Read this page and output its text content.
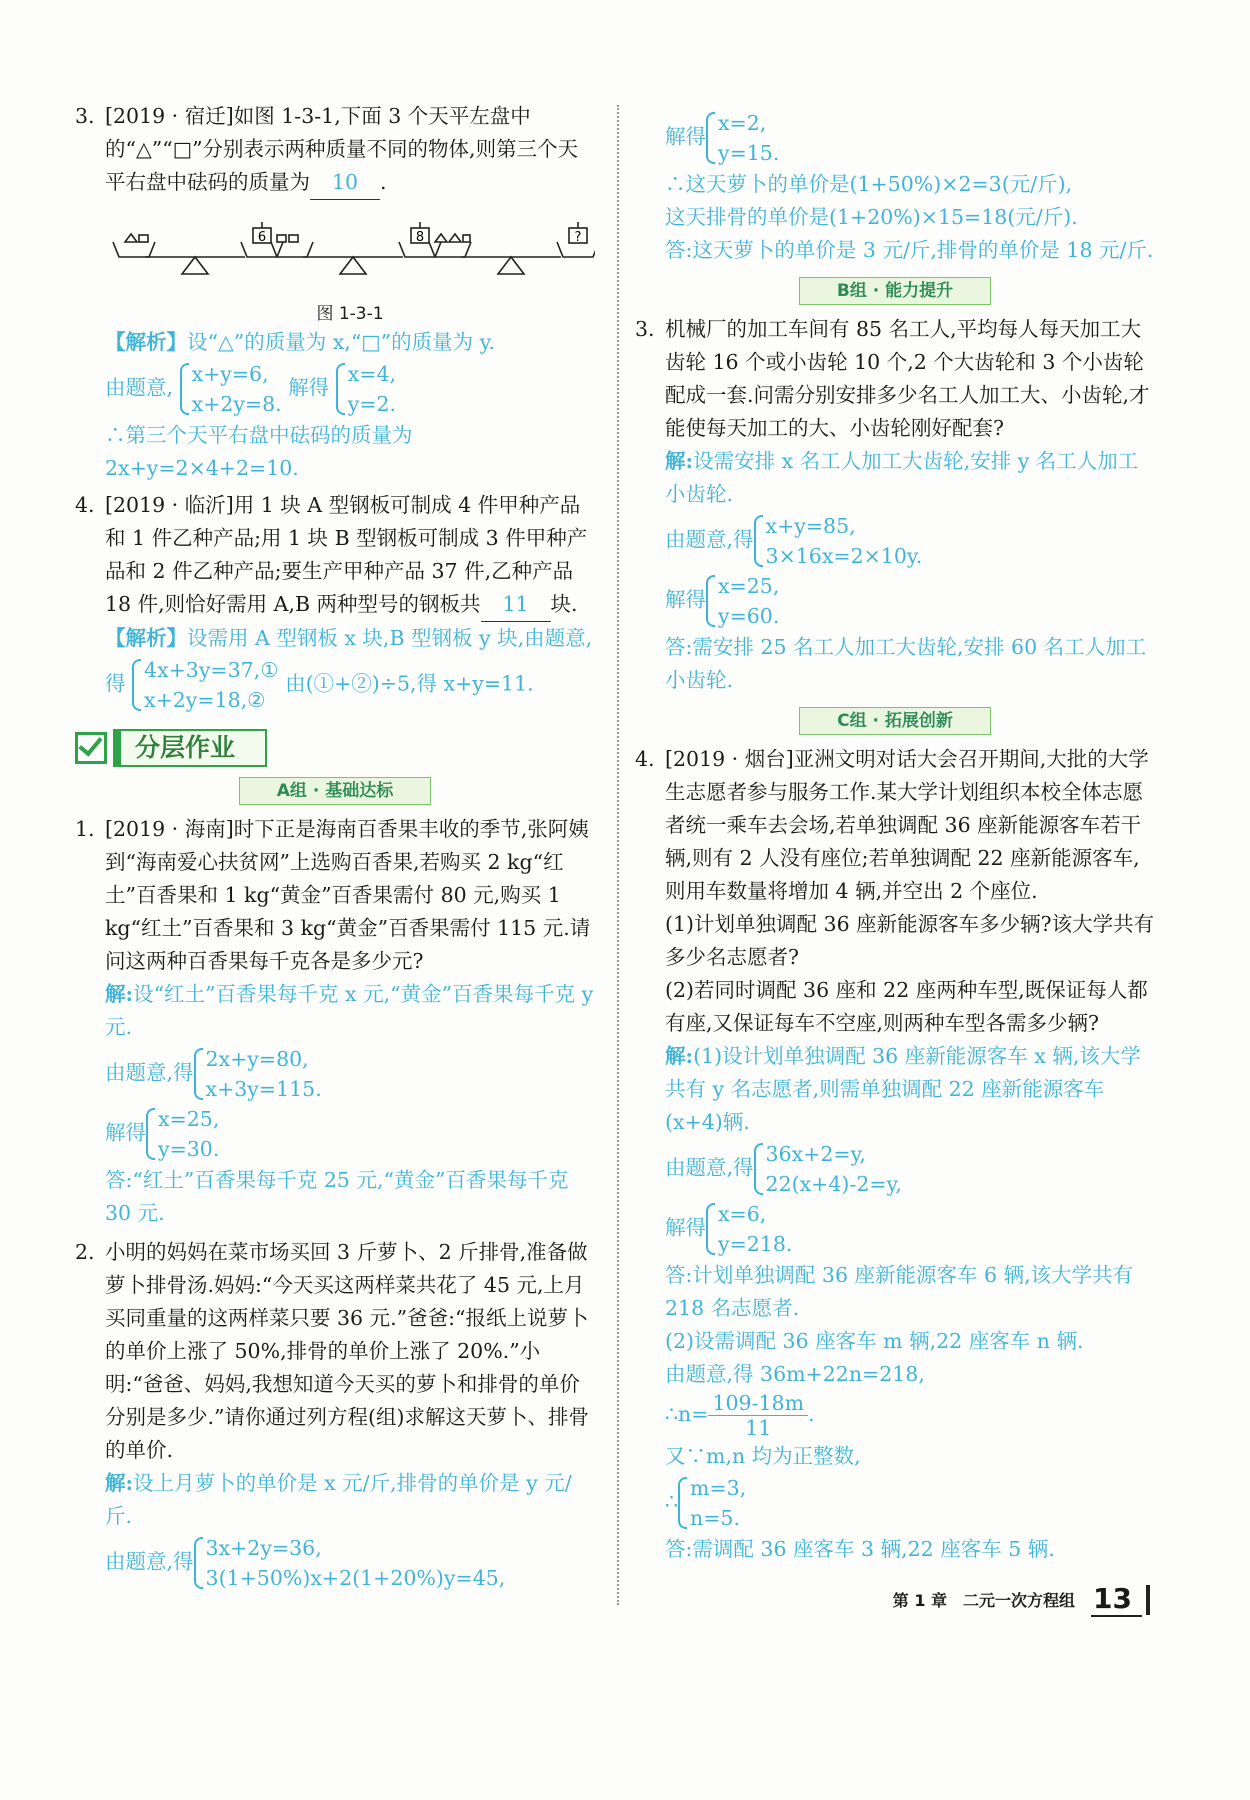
3. [2019 · 宿迁]如图 1-3-1,下面 3 个天平左盘中的“△”“□”分别表示两种质量不同的物体,则第三个天平右盘中砝码的质量为 10 .
6	8	?
图 1-3-1
【解析】设“△”的质量为 x,“□”的质量为 y.
由题意,
x+y=6,
x+2y=8.
解得
x=4,
y=2.
∴第三个天平右盘中砝码的质量为 2x+y=2×4+2=10.
4. [2019 · 临沂]用 1 块 A 型钢板可制成 4 件甲种产品和 1 件乙种产品;用 1 块 B 型钢板可制成 3 件甲种产品和 2 件乙种产品;要生产甲种产品 37 件,乙种产品 18 件,则恰好需用 A,B 两种型号的钢板共 11 块.
【解析】设需用 A 型钢板 x 块,B 型钢板 y 块,由题意,得
4x+3y=37,①
x+2y=18,②
由(①+②)÷5,得 x+y=11.
分层作业
A组 · 基础达标
1. [2019 · 海南]时下正是海南百香果丰收的季节,张阿姨到“海南爱心扶贫网”上选购百香果,若购买 2 kg“红土”百香果和 1 kg“黄金”百香果需付 80 元,购买 1 kg“红土”百香果和 3 kg“黄金”百香果需付 115 元.请问这两种百香果每千克各是多少元?
解:设“红土”百香果每千克 x 元,“黄金”百香果每千克 y 元.
由题意,得
2x+y=80,
x+3y=115.
解得
x=25,
y=30.
答:“红土”百香果每千克 25 元,“黄金”百香果每千克 30 元.
2. 小明的妈妈在菜市场买回 3 斤萝卜、2 斤排骨,准备做萝卜排骨汤.妈妈:“今天买这两样菜共花了 45 元,上月买同重量的这两样菜只要 36 元.”爸爸:“报纸上说萝卜的单价上涨了 50%,排骨的单价上涨了 20%.”小明:“爸爸、妈妈,我想知道今天买的萝卜和排骨的单价分别是多少.”请你通过列方程(组)求解这天萝卜、排骨的单价.
解:设上月萝卜的单价是 x 元/斤,排骨的单价是 y 元/斤.
由题意,得
3x+2y=36,
3(1+50%)x+2(1+20%)y=45,
解得
x=2,
y=15.
∴这天萝卜的单价是(1+50%)×2=3(元/斤),
这天排骨的单价是(1+20%)×15=18(元/斤).
答:这天萝卜的单价是 3 元/斤,排骨的单价是 18 元/斤.
B组 · 能力提升
3. 机械厂的加工车间有 85 名工人,平均每人每天加工大齿轮 16 个或小齿轮 10 个,2 个大齿轮和 3 个小齿轮配成一套.问需分别安排多少名工人加工大、小齿轮,才能使每天加工的大、小齿轮刚好配套?
解:设需安排 x 名工人加工大齿轮,安排 y 名工人加工小齿轮.
由题意,得
x+y=85,
3×16x=2×10y.
解得
x=25,
y=60.
答:需安排 25 名工人加工大齿轮,安排 60 名工人加工小齿轮.
C组 · 拓展创新
4. [2019 · 烟台]亚洲文明对话大会召开期间,大批的大学生志愿者参与服务工作.某大学计划组织本校全体志愿者统一乘车去会场,若单独调配 36 座新能源客车若干辆,则有 2 人没有座位;若单独调配 22 座新能源客车,则用车数量将增加 4 辆,并空出 2 个座位.
(1)计划单独调配 36 座新能源客车多少辆?该大学共有多少名志愿者?
(2)若同时调配 36 座和 22 座两种车型,既保证每人都有座,又保证每车不空座,则两种车型各需多少辆?
解:(1)设计划单独调配 36 座新能源客车 x 辆,该大学共有 y 名志愿者,则需单独调配 22 座新能源客车(x+4)辆.
由题意,得
36x+2=y,
22(x+4)-2=y,
解得
x=6,
y=218.
答:计划单独调配 36 座新能源客车 6 辆,该大学共有 218 名志愿者.
(2)设需调配 36 座客车 m 辆,22 座客车 n 辆.
由题意,得 36m+22n=218,
∴n= $\frac{109-18m}{11}$ .
又∵m,n 均为正整数,
∴
m=3,
n=5.
答:需调配 36 座客车 3 辆,22 座客车 5 辆.
第 1 章　二元一次方程组 13
